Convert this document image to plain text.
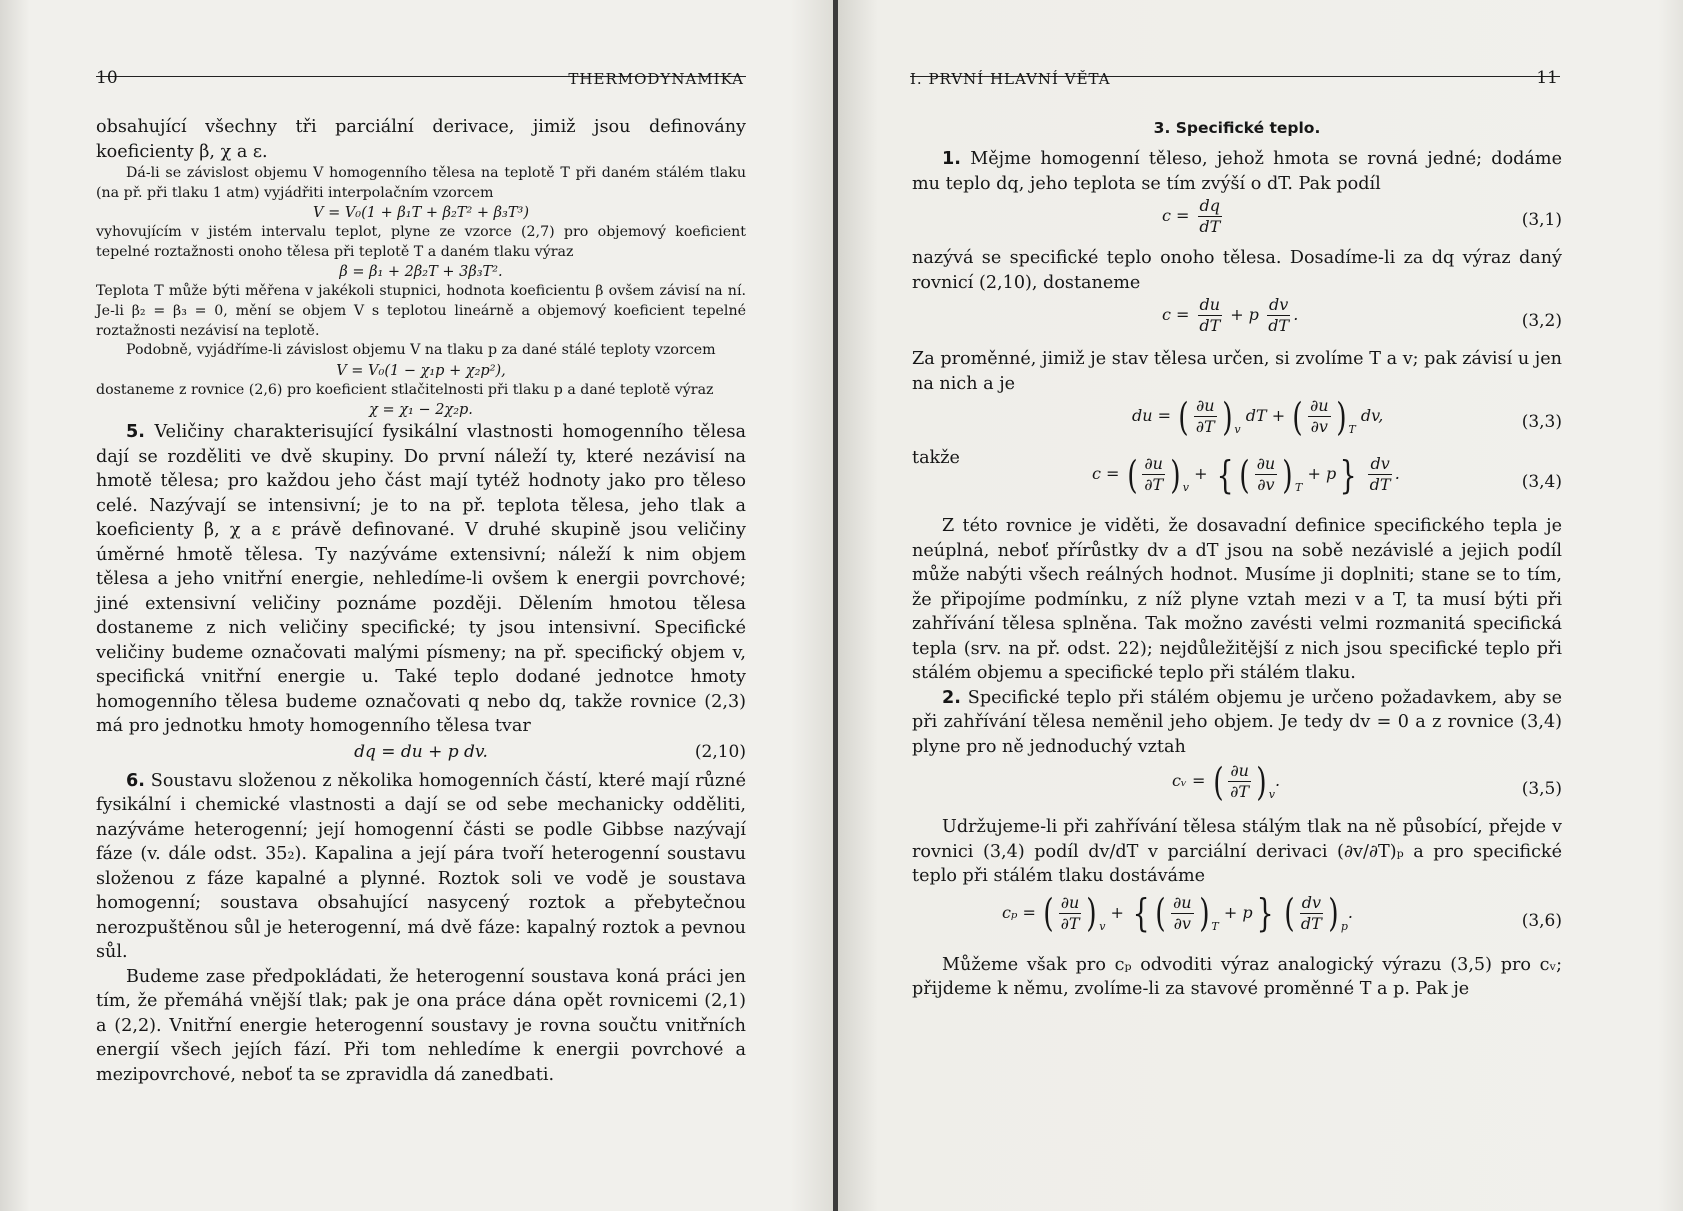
10	THERMODYNAMIKA

obsahující všechny tři parciální derivace, jimiž jsou definovány koeficienty β, χ a ε.

Dá-li se závislost objemu V homogenního tělesa na teplotě T při daném stálém tlaku (na př. při tlaku 1 atm) vyjádřiti interpolačním vzorcem

V = V₀(1 + β₁T + β₂T² + β₃T³)

vyhovujícím v jistém intervalu teplot, plyne ze vzorce (2,7) pro objemový koeficient tepelné roztažnosti onoho tělesa při teplotě T a daném tlaku výraz

β = β₁ + 2β₂T + 3β₃T².

Teplota T může býti měřena v jakékoli stupnici, hodnota koeficientu β ovšem závisí na ní. Je-li β₂ = β₃ = 0, mění se objem V s teplotou lineárně a objemový koeficient tepelné roztažnosti nezávisí na teplotě.

Podobně, vyjádříme-li závislost objemu V na tlaku p za dané stálé teploty vzorcem

V = V₀(1 − χ₁p + χ₂p²),

dostaneme z rovnice (2,6) pro koeficient stlačitelnosti při tlaku p a dané teplotě výraz

χ = χ₁ − 2χ₂p.

5. Veličiny charakterisující fysikální vlastnosti homogenního tělesa dají se rozděliti ve dvě skupiny. Do první náleží ty, které nezávisí na hmotě tělesa; pro každou jeho část mají tytéž hodnoty jako pro těleso celé. Nazývají se intensivní; je to na př. teplota tělesa, jeho tlak a koeficienty β, χ a ε právě definované. V druhé skupině jsou veličiny úměrné hmotě tělesa. Ty nazýváme extensivní; náleží k nim objem tělesa a jeho vnitřní energie, nehledíme-li ovšem k energii povrchové; jiné extensivní veličiny poznáme později. Dělením hmotou tělesa dostaneme z nich veličiny specifické; ty jsou intensivní. Specifické veličiny budeme označovati malými písmeny; na př. specifický objem v, specifická vnitřní energie u. Také teplo dodané jednotce hmoty homogenního tělesa budeme označovati q nebo dq, takže rovnice (2,3) má pro jednotku hmoty homogenního tělesa tvar

dq = du + p dv.	(2,10)

6. Soustavu složenou z několika homogenních částí, které mají různé fysikální i chemické vlastnosti a dají se od sebe mechanicky odděliti, nazýváme heterogenní; její homogenní části se podle Gibbse nazývají fáze (v. dále odst. 35₂). Kapalina a její pára tvoří heterogenní soustavu složenou z fáze kapalné a plynné. Roztok soli ve vodě je soustava homogenní; soustava obsahující nasycený roztok a přebytečnou nerozpuštěnou sůl je heterogenní, má dvě fáze: kapalný roztok a pevnou sůl.

Budeme zase předpokládati, že heterogenní soustava koná práci jen tím, že přemáhá vnější tlak; pak je ona práce dána opět rovnicemi (2,1) a (2,2). Vnitřní energie heterogenní soustavy je rovna součtu vnitřních energií všech jejích fází. Při tom nehledíme k energii povrchové a mezipovrchové, neboť ta se zpravidla dá zanedbati.

I. PRVNÍ HLAVNÍ VĚTA	11
3. Specifické teplo.

1. Mějme homogenní těleso, jehož hmota se rovná jedné; dodáme mu teplo dq, jeho teplota se tím zvýší o dT. Pak podíl

$c = \frac{dq}{dT}$	(3,1)

nazývá se specifické teplo onoho tělesa. Dosadíme-li za dq výraz daný rovnicí (2,10), dostaneme

$c = \frac{du}{dT} + p \frac{dv}{dT}$ .	(3,2)

Za proměnné, jimiž je stav tělesa určen, si zvolíme T a v; pak závisí u jen na nich a je

du = ( $\frac{\partial u}{\partial T}$ ) $_v$ dT + ( $\frac{\partial u}{\partial v}$ ) $_T$ dv,	(3,3)
takže
c = ( $\frac{\partial u}{\partial T}$ ) $_v$ + { ( $\frac{\partial u}{\partial v}$ ) $_T + p\} \frac{dv}{dT}$ .	(3,4)

Z této rovnice je viděti, že dosavadní definice specifického tepla je neúplná, neboť přírůstky dv a dT jsou na sobě nezávislé a jejich podíl může nabýti všech reálných hodnot. Musíme ji doplniti; stane se to tím, že připojíme podmínku, z níž plyne vztah mezi v a T, ta musí býti při zahřívání tělesa splněna. Tak možno zavésti velmi rozmanitá specifická tepla (srv. na př. odst. 22); nejdůležitější z nich jsou specifické teplo při stálém objemu a specifické teplo při stálém tlaku.

2. Specifické teplo při stálém objemu je určeno požadavkem, aby se při zahřívání tělesa neměnil jeho objem. Je tedy dv = 0 a z rovnice (3,4) plyne pro ně jednoduchý vztah

cᵥ = ( $\frac{\partial u}{\partial T}$ ) $_v$.	(3,5)

Udržujeme-li při zahřívání tělesa stálým tlak na ně působící, přejde v rovnici (3,4) podíl dv/dT v parciální derivaci (∂v/∂T)ₚ a pro specifické teplo při stálém tlaku dostáváme

cₚ = ( $\frac{\partial u}{\partial T}$ ) $_v$ + { ( $\frac{\partial u}{\partial v}$ ) $_T$ + p} ( $\frac{dv}{dT}$ ) $_p$.	(3,6)

Můžeme však pro cₚ odvoditi výraz analogický výrazu (3,5) pro cᵥ; přijdeme k němu, zvolíme-li za stavové proměnné T a p. Pak je
